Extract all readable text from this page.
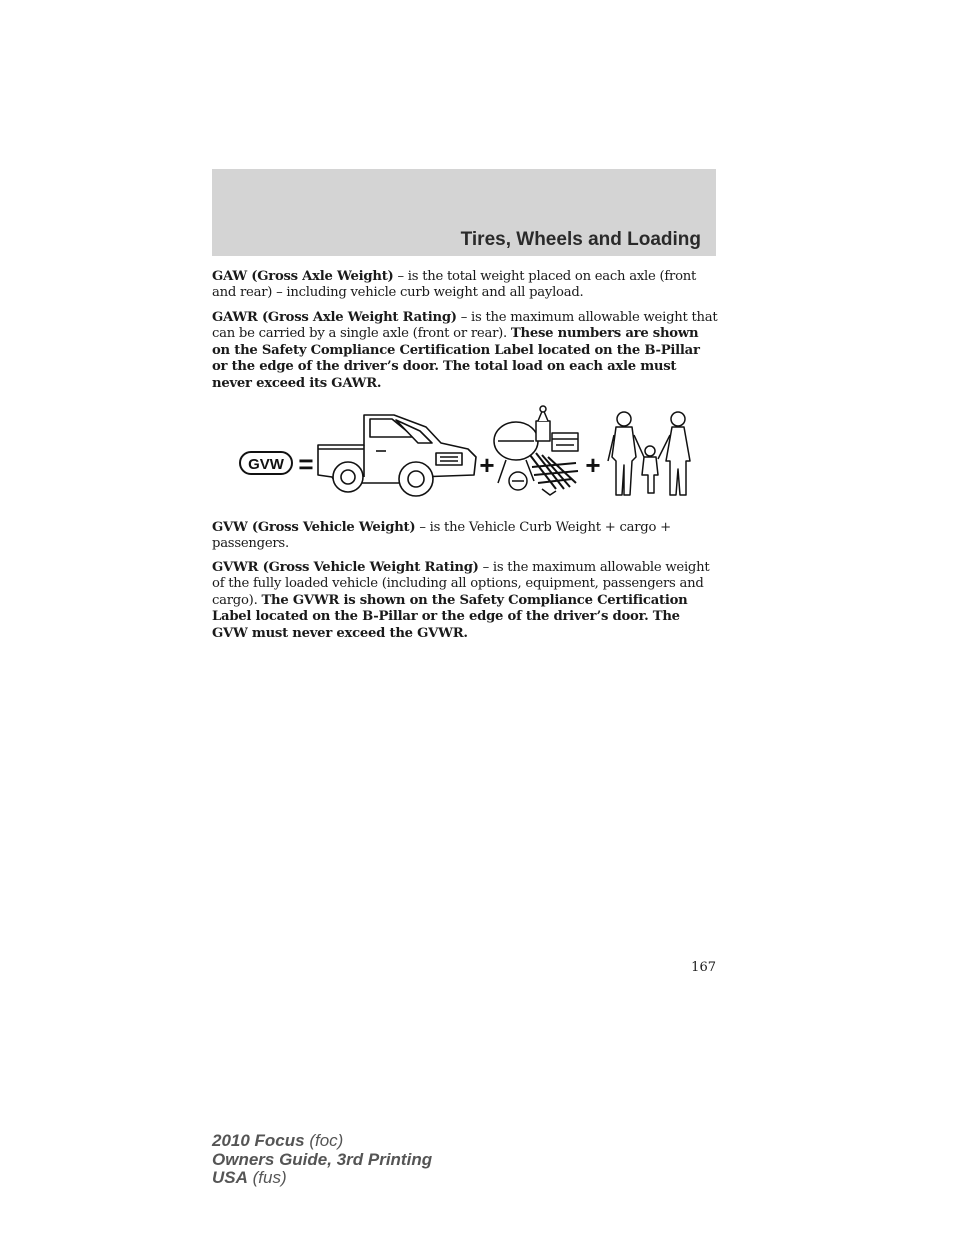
Tires, Wheels and Loading

GAW (Gross Axle Weight) – is the total weight placed on each axle (front and rear) – including vehicle curb weight and all payload.

GAWR (Gross Axle Weight Rating) – is the maximum allowable weight that can be carried by a single axle (front or rear). These numbers are shown on the Safety Compliance Certification Label located on the B-Pillar or the edge of the driver’s door. The total load on each axle must never exceed its GAWR.

GVW =	+	+

GVW (Gross Vehicle Weight) – is the Vehicle Curb Weight + cargo + passengers.

GVWR (Gross Vehicle Weight Rating) – is the maximum allowable weight of the fully loaded vehicle (including all options, equipment, passengers and cargo). The GVWR is shown on the Safety Compliance Certification Label located on the B-Pillar or the edge of the driver’s door. The GVW must never exceed the GVWR.

167
2010 Focus (foc)
Owners Guide, 3rd Printing
USA (fus)
